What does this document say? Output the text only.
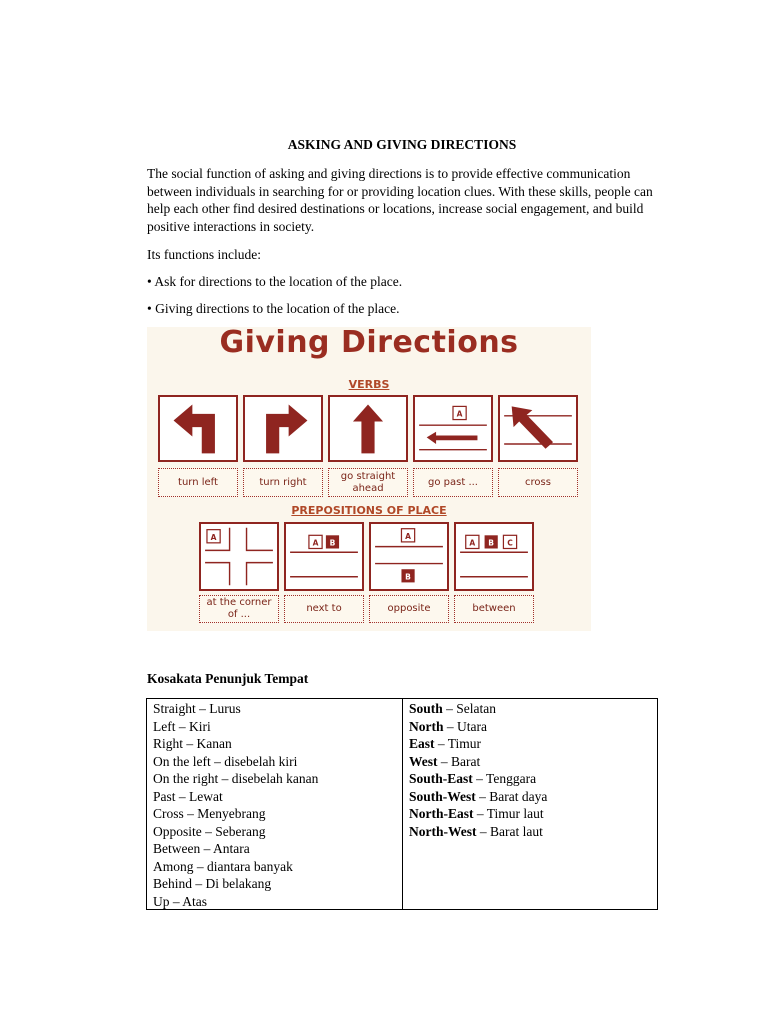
ASKING AND GIVING DIRECTIONS

The social function of asking and giving directions is to provide effective communication between individuals in searching for or providing location clues. With these skills, people can help each other find desired destinations or locations, increase social engagement, and build positive interactions in society.

Its functions include:

• Ask for directions to the location of the place.

• Giving directions to the location of the place.

Giving Directions
VERBS
A
turn left	turn right
go straight ahead
go past ...	cross
PREPOSITIONS OF PLACE
A
A B
A
B
A B C
at the corner of ...
next to	opposite	between
Kosakata Penunjuk Tempat
Straight – Lurus
Left – Kiri
Right – Kanan
On the left – disebelah kiri
On the right – disebelah kanan
Past – Lewat
Cross – Menyebrang
Opposite – Seberang
Between – Antara
Among – diantara banyak
Behind – Di belakang
Up – Atas
South – Selatan
North – Utara
East – Timur
West – Barat
South-East – Tenggara
South-West – Barat daya
North-East – Timur laut
North-West – Barat laut
